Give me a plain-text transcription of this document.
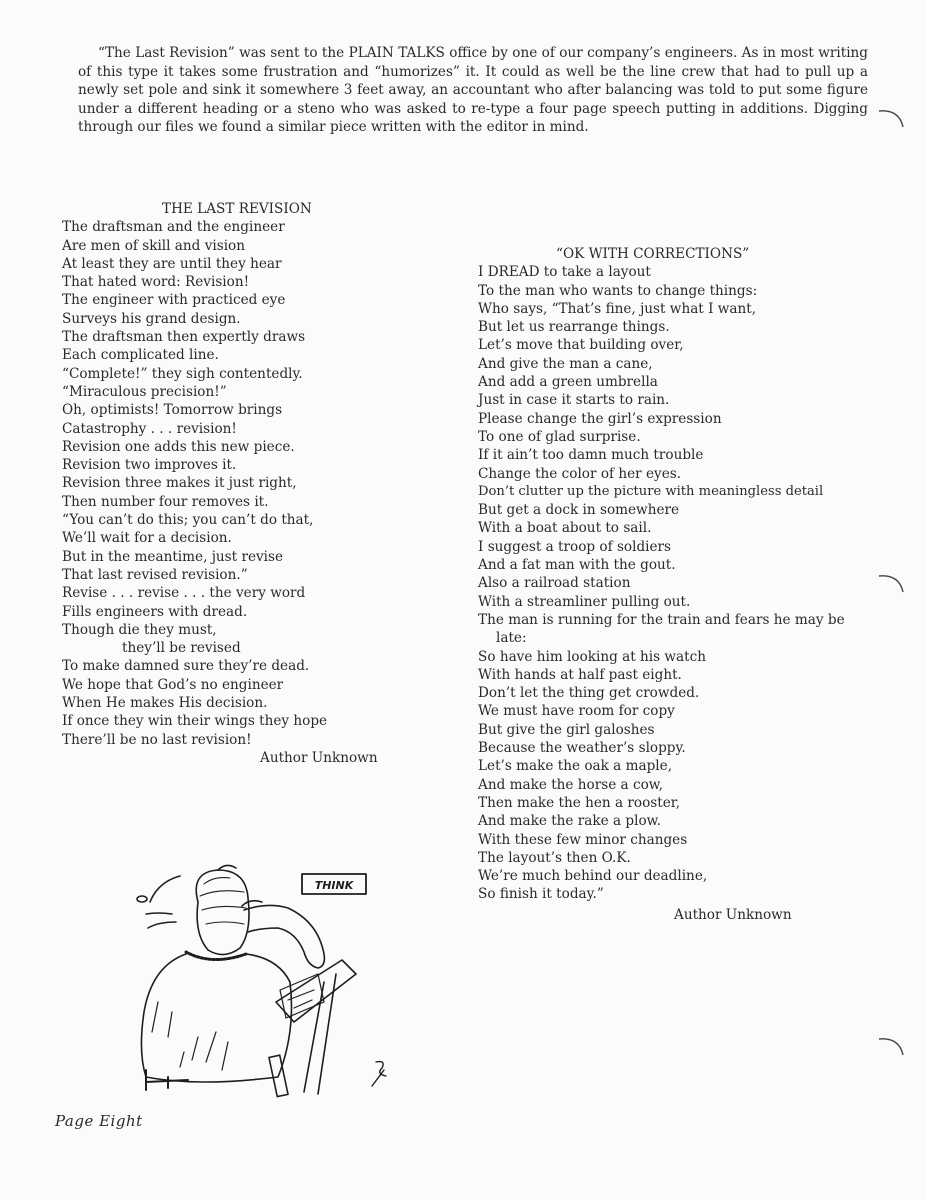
“The Last Revision” was sent to the PLAIN TALKS office by one of our company’s engineers. As in most writing of this type it takes some frustration and “humorizes” it. It could as well be the line crew that had to pull up a newly set pole and sink it somewhere 3 feet away, an accountant who after balancing was told to put some figure under a different heading or a steno who was asked to re-type a four page speech putting in additions. Digging through our files we found a similar piece written with the editor in mind.

THE LAST REVISION
The draftsman and the engineer
Are men of skill and vision
At least they are until they hear
That hated word: Revision!
The engineer with practiced eye
Surveys his grand design.
The draftsman then expertly draws
Each complicated line.
“Complete!” they sigh contentedly.
“Miraculous precision!”
Oh, optimists! Tomorrow brings
Catastrophy . . . revision!
Revision one adds this new piece.
Revision two improves it.
Revision three makes it just right,
Then number four removes it.
“You can’t do this; you can’t do that,
We’ll wait for a decision.
But in the meantime, just revise
That last revised revision.”
Revise . . . revise . . . the very word
Fills engineers with dread.
Though die they must,
they’ll be revised
To make damned sure they’re dead.
We hope that God’s no engineer
When He makes His decision.
If once they win their wings they hope
There’ll be no last revision!
Author Unknown
“OK WITH CORRECTIONS”
I DREAD to take a layout
To the man who wants to change things:
Who says, “That’s fine, just what I want,
But let us rearrange things.
Let’s move that building over,
And give the man a cane,
And add a green umbrella
Just in case it starts to rain.
Please change the girl’s expression
To one of glad surprise.
If it ain’t too damn much trouble
Change the color of her eyes.
Don’t clutter up the picture with meaningless detail
But get a dock in somewhere
With a boat about to sail.
I suggest a troop of soldiers
And a fat man with the gout.
Also a railroad station
With a streamliner pulling out.
The man is running for the train and fears he may be late:
So have him looking at his watch
With hands at half past eight.
Don’t let the thing get crowded.
We must have room for copy
But give the girl galoshes
Because the weather’s sloppy.
Let’s make the oak a maple,
And make the horse a cow,
Then make the hen a rooster,
And make the rake a plow.
With these few minor changes
The layout’s then O.K.
We’re much behind our deadline,
So finish it today.”
Author Unknown
THINK
Page Eight
